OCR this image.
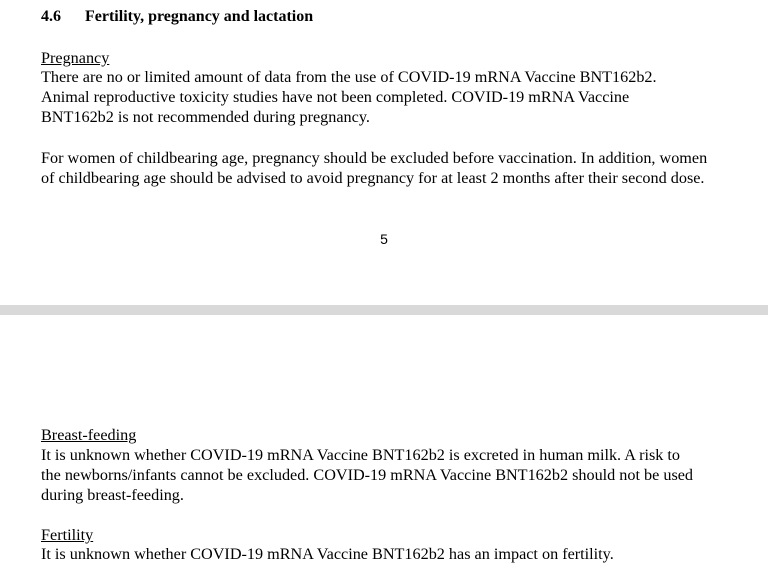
4.6 Fertility, pregnancy and lactation
Pregnancy
There are no or limited amount of data from the use of COVID-19 mRNA Vaccine BNT162b2.
Animal reproductive toxicity studies have not been completed. COVID-19 mRNA Vaccine
BNT162b2 is not recommended during pregnancy.
For women of childbearing age, pregnancy should be excluded before vaccination. In addition, women
of childbearing age should be advised to avoid pregnancy for at least 2 months after their second dose.
5
Breast-feeding
It is unknown whether COVID-19 mRNA Vaccine BNT162b2 is excreted in human milk. A risk to
the newborns/infants cannot be excluded. COVID-19 mRNA Vaccine BNT162b2 should not be used
during breast-feeding.
Fertility
It is unknown whether COVID-19 mRNA Vaccine BNT162b2 has an impact on fertility.
